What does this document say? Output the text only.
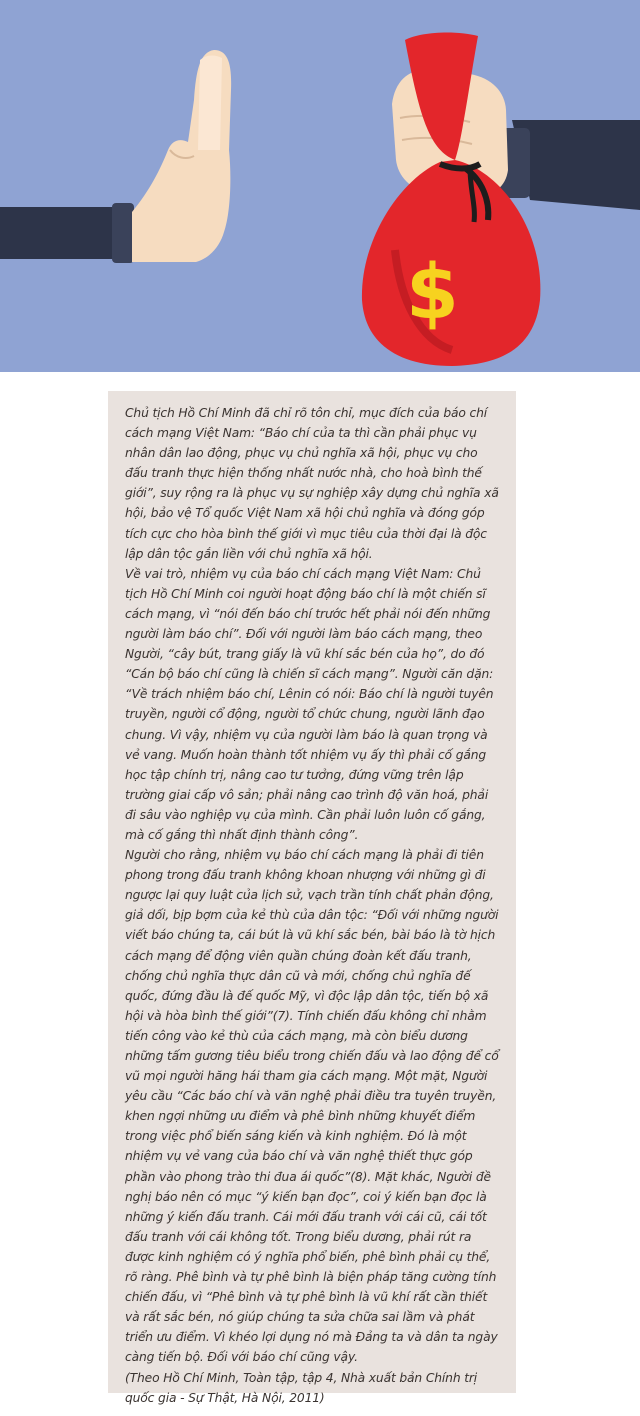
$

Chủ tịch Hồ Chí Minh đã chỉ rõ tôn chỉ, mục đích của báo chí cách mạng Việt Nam: “Báo chí của ta thì cần phải phục vụ nhân dân lao động, phục vụ chủ nghĩa xã hội, phục vụ cho đấu tranh thực hiện thống nhất nước nhà, cho hoà bình thế giới”, suy rộng ra là phục vụ sự nghiệp xây dựng chủ nghĩa xã hội, bảo vệ Tổ quốc Việt Nam xã hội chủ nghĩa và đóng góp tích cực cho hòa bình thế giới vì mục tiêu của thời đại là độc lập dân tộc gắn liền với chủ nghĩa xã hội.

Về vai trò, nhiệm vụ của báo chí cách mạng Việt Nam: Chủ tịch Hồ Chí Minh coi người hoạt động báo chí là một chiến sĩ cách mạng, vì “nói đến báo chí trước hết phải nói đến những người làm báo chí”. Đối với người làm báo cách mạng, theo Người, “cây bút, trang giấy là vũ khí sắc bén của họ”, do đó “Cán bộ báo chí cũng là chiến sĩ cách mạng”. Người căn dặn: “Về trách nhiệm báo chí, Lênin có nói: Báo chí là người tuyên truyền, người cổ động, người tổ chức chung, người lãnh đạo chung. Vì vậy, nhiệm vụ của người làm báo là quan trọng và vẻ vang. Muốn hoàn thành tốt nhiệm vụ ấy thì phải cố gắng học tập chính trị, nâng cao tư tưởng, đứng vững trên lập trường giai cấp vô sản; phải nâng cao trình độ văn hoá, phải đi sâu vào nghiệp vụ của mình. Cần phải luôn luôn cố gắng, mà cố gắng thì nhất định thành công”.

Người cho rằng, nhiệm vụ báo chí cách mạng là phải đi tiên phong trong đấu tranh không khoan nhượng với những gì đi ngược lại quy luật của lịch sử, vạch trần tính chất phản động, giả dối, bịp bợm của kẻ thù của dân tộc: “Đối với những người viết báo chúng ta, cái bút là vũ khí sắc bén, bài báo là tờ hịch cách mạng để động viên quần chúng đoàn kết đấu tranh, chống chủ nghĩa thực dân cũ và mới, chống chủ nghĩa đế quốc, đứng đầu là đế quốc Mỹ, vì độc lập dân tộc, tiến bộ xã hội và hòa bình thế giới”(7). Tính chiến đấu không chỉ nhằm tiến công vào kẻ thù của cách mạng, mà còn biểu dương những tấm gương tiêu biểu trong chiến đấu và lao động để cổ vũ mọi người hăng hái tham gia cách mạng. Một mặt, Người yêu cầu “Các báo chí và văn nghệ phải điều tra tuyên truyền, khen ngợi những ưu điểm và phê bình những khuyết điểm trong việc phổ biến sáng kiến và kinh nghiệm. Đó là một nhiệm vụ vẻ vang của báo chí và văn nghệ thiết thực góp phần vào phong trào thi đua ái quốc”(8). Mặt khác, Người đề nghị báo nên có mục “ý kiến bạn đọc”, coi ý kiến bạn đọc là những ý kiến đấu tranh. Cái mới đấu tranh với cái cũ, cái tốt đấu tranh với cái không tốt. Trong biểu dương, phải rút ra được kinh nghiệm có ý nghĩa phổ biến, phê bình phải cụ thể, rõ ràng. Phê bình và tự phê bình là biện pháp tăng cường tính chiến đấu, vì “Phê bình và tự phê bình là vũ khí rất cần thiết và rất sắc bén, nó giúp chúng ta sửa chữa sai lầm và phát triển ưu điểm. Vì khéo lợi dụng nó mà Đảng ta và dân ta ngày càng tiến bộ. Đối với báo chí cũng vậy.

(Theo Hồ Chí Minh, Toàn tập, tập 4, Nhà xuất bản Chính trị quốc gia - Sự Thật, Hà Nội, 2011)
